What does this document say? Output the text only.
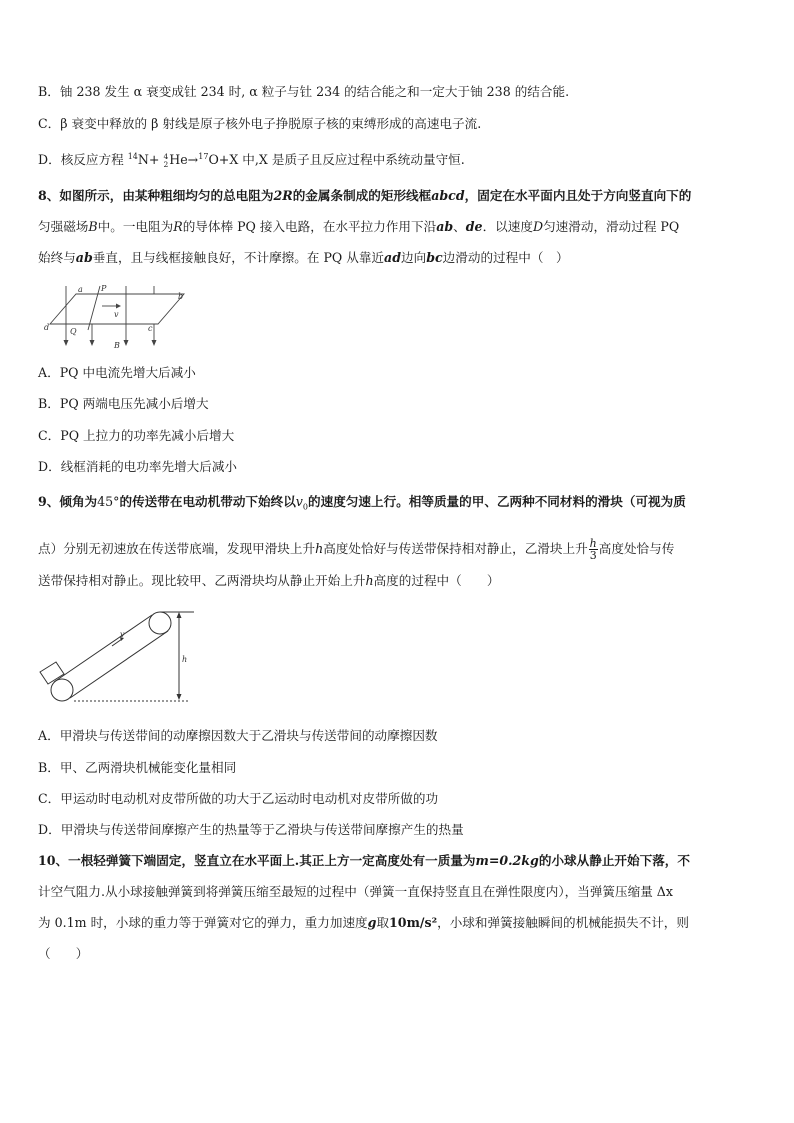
B．铀 238 发生 α 衰变成钍 234 时, α 粒子与钍 234 的结合能之和一定大于铀 238 的结合能.
C．β 衰变中释放的 β 射线是原子核外电子挣脱原子核的束缚形成的高速电子流.
D．核反应方程 $^{14}$N+ 4
2 He→$^{17}$O+X 中,X 是质子且反应过程中系统动量守恒.
8、如图所示，由某种粗细均匀的总电阻为2R的金属条制成的矩形线框abcd，固定在水平面内且处于方向竖直向下的
匀强磁场B中。一电阻为R的导体棒 PQ 接入电路，在水平拉力作用下沿ab、de．以速度D匀速滑动，滑动过程 PQ
始终与ab垂直，且与线框接触良好，不计摩擦。在 PQ 从靠近ad边向bc边滑动的过程中（　）
a P
b
d	Q	c
v
B
A．PQ 中电流先增大后减小
B．PQ 两端电压先减小后增大
C．PQ 上拉力的功率先减小后增大
D．线框消耗的电功率先增大后减小
9、倾角为45°的传送带在电动机带动下始终以$v_0$的速度匀速上行。相等质量的甲、乙两种不同材料的滑块（可视为质
点）分别无初速放在传送带底端，发现甲滑块上升h高度处恰好与传送带保持相对静止，乙滑块上升 $\frac{h}{3}$ 高度处恰与传
送带保持相对静止。现比较甲、乙两滑块均从静止开始上升h高度的过程中（　　）
v
h
A．甲滑块与传送带间的动摩擦因数大于乙滑块与传送带间的动摩擦因数
B．甲、乙两滑块机械能变化量相同
C．甲运动时电动机对皮带所做的功大于乙运动时电动机对皮带所做的功
D．甲滑块与传送带间摩擦产生的热量等于乙滑块与传送带间摩擦产生的热量
10、一根轻弹簧下端固定，竖直立在水平面上.其正上方一定高度处有一质量为m=0.2kg的小球从静止开始下落，不
计空气阻力.从小球接触弹簧到将弹簧压缩至最短的过程中（弹簧一直保持竖直且在弹性限度内），当弹簧压缩量 Δx
为 0.1m 时，小球的重力等于弹簧对它的弹力，重力加速度g取10m/s²，小球和弹簧接触瞬间的机械能损失不计，则
（　　）
